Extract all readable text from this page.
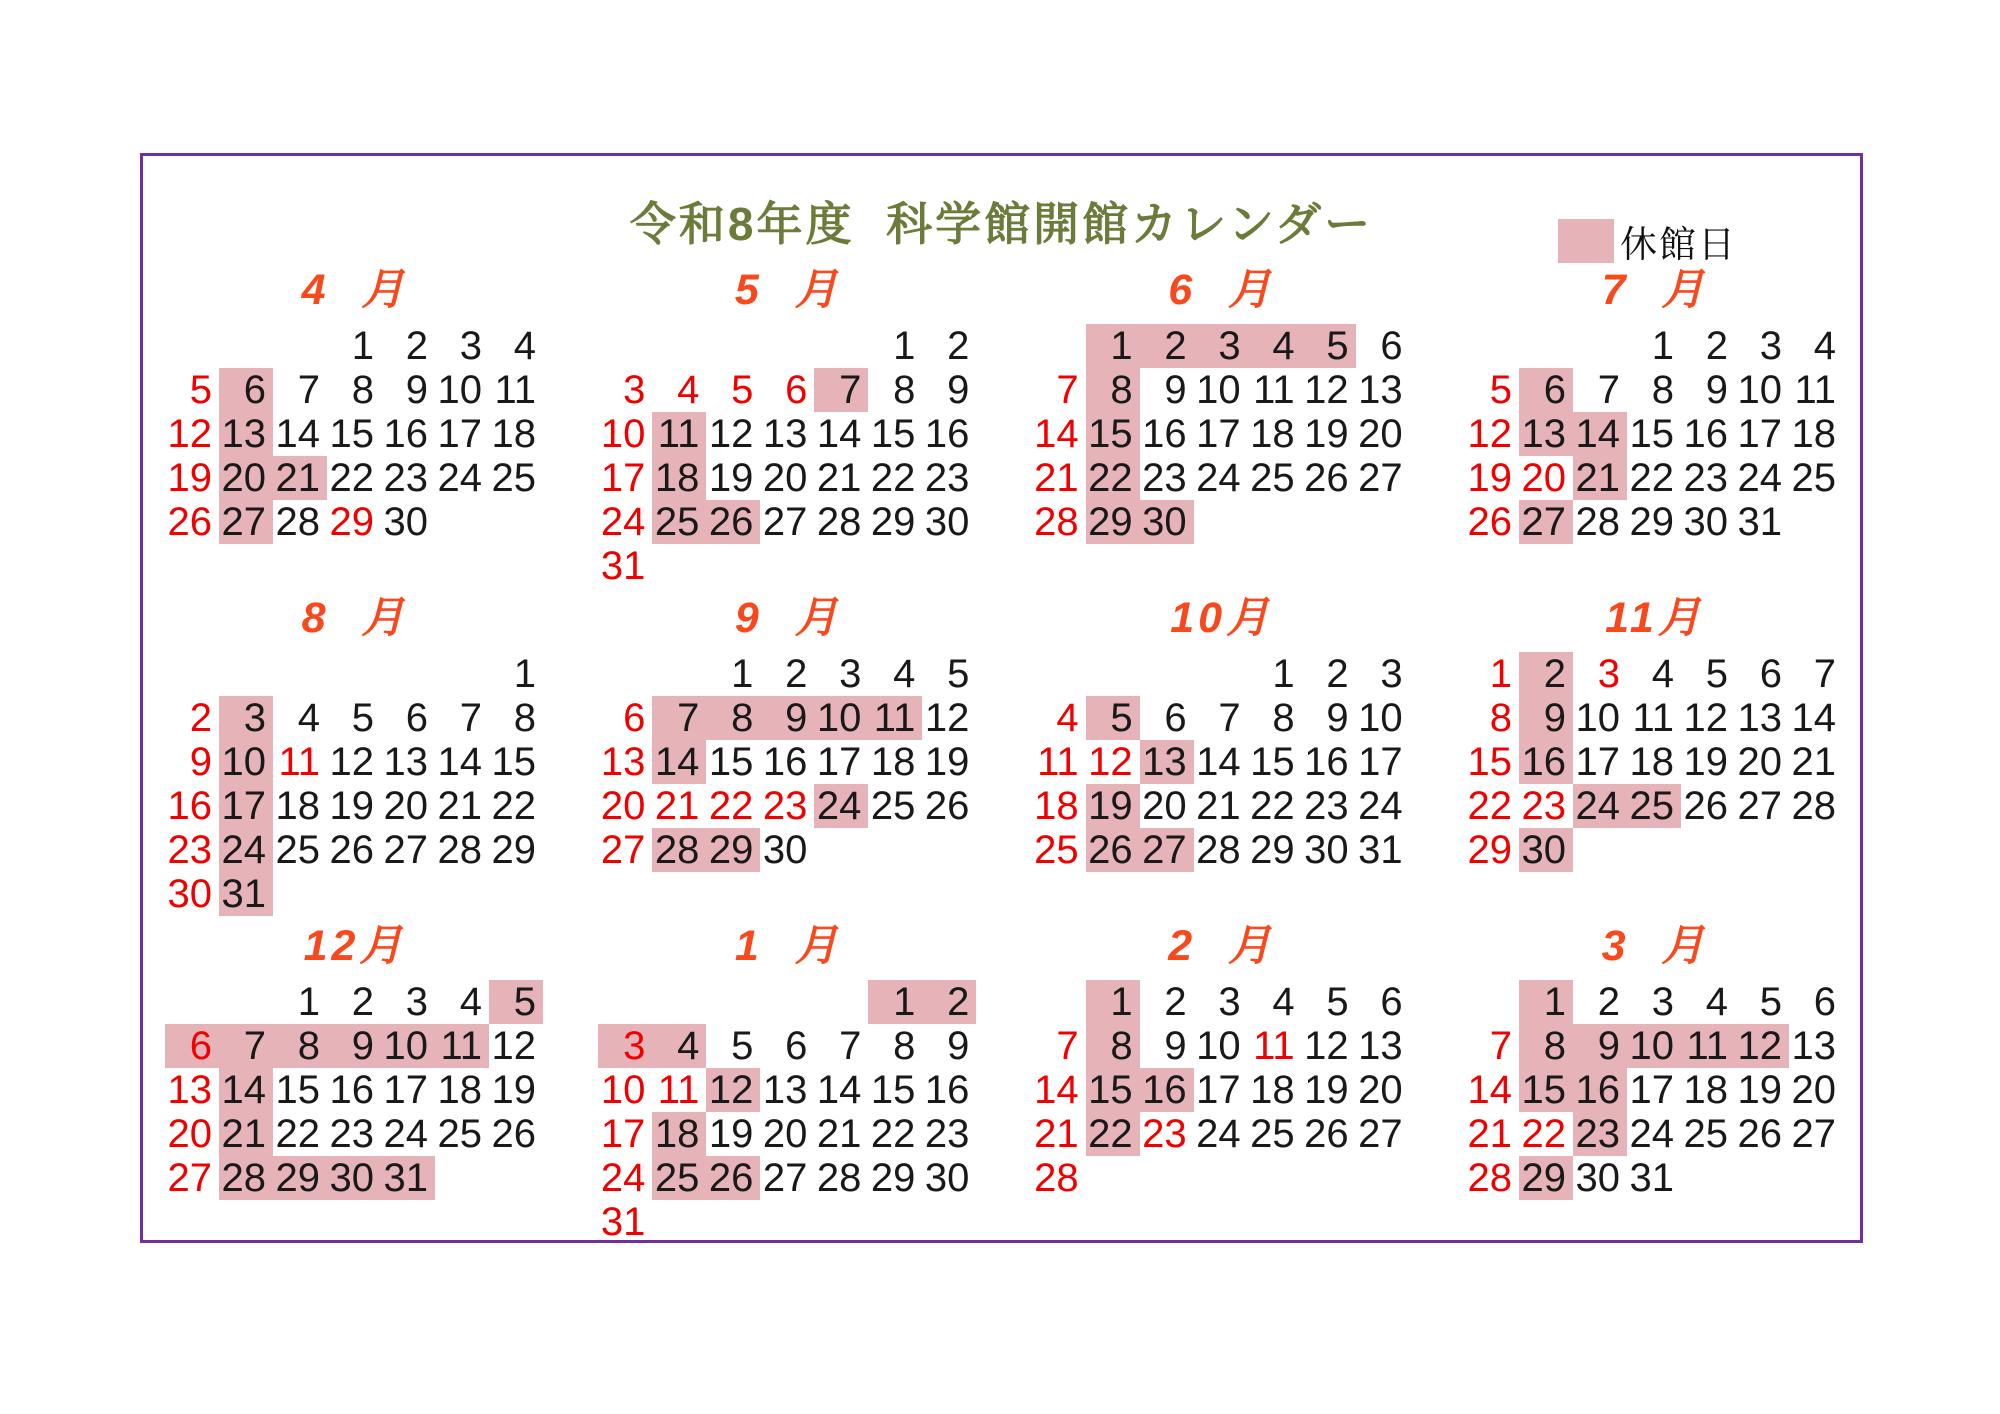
令和8年度  科学館開館カレンダー	休館日
4  月
1 2 3 4
5 6 7 8 9 10 11
12 13 14 15 16 17 18
19 20 21 22 23 24 25
26 27 28 29 30
5  月
1 2
3 4 5 6 7 8 9
10 11 12 13 14 15 16
17 18 19 20 21 22 23
24 25 26 27 28 29 30
31
6  月
1 2 3 4 5 6
7 8 9 10 11 12 13
14 15 16 17 18 19 20
21 22 23 24 25 26 27
28 29 30
7  月
1 2 3 4
5 6 7 8 9 10 11
12 13 14 15 16 17 18
19 20 21 22 23 24 25
26 27 28 29 30 31
8  月
1
2 3 4 5 6 7 8
9 10 11 12 13 14 15
16 17 18 19 20 21 22
23 24 25 26 27 28 29
30 31
9  月
1 2 3 4 5
6 7 8 9 10 11 12
13 14 15 16 17 18 19
20 21 22 23 24 25 26
27 28 29 30
10月
1 2 3
4 5 6 7 8 9 10
11 12 13 14 15 16 17
18 19 20 21 22 23 24
25 26 27 28 29 30 31
11月
1 2 3 4 5 6 7
8 9 10 11 12 13 14
15 16 17 18 19 20 21
22 23 24 25 26 27 28
29 30
12月
1 2 3 4 5
6 7 8 9 10 11 12
13 14 15 16 17 18 19
20 21 22 23 24 25 26
27 28 29 30 31
1  月
1 2
3 4 5 6 7 8 9
10 11 12 13 14 15 16
17 18 19 20 21 22 23
24 25 26 27 28 29 30
31
2  月
1 2 3 4 5 6
7 8 9 10 11 12 13
14 15 16 17 18 19 20
21 22 23 24 25 26 27
28
3  月
1 2 3 4 5 6
7 8 9 10 11 12 13
14 15 16 17 18 19 20
21 22 23 24 25 26 27
28 29 30 31
